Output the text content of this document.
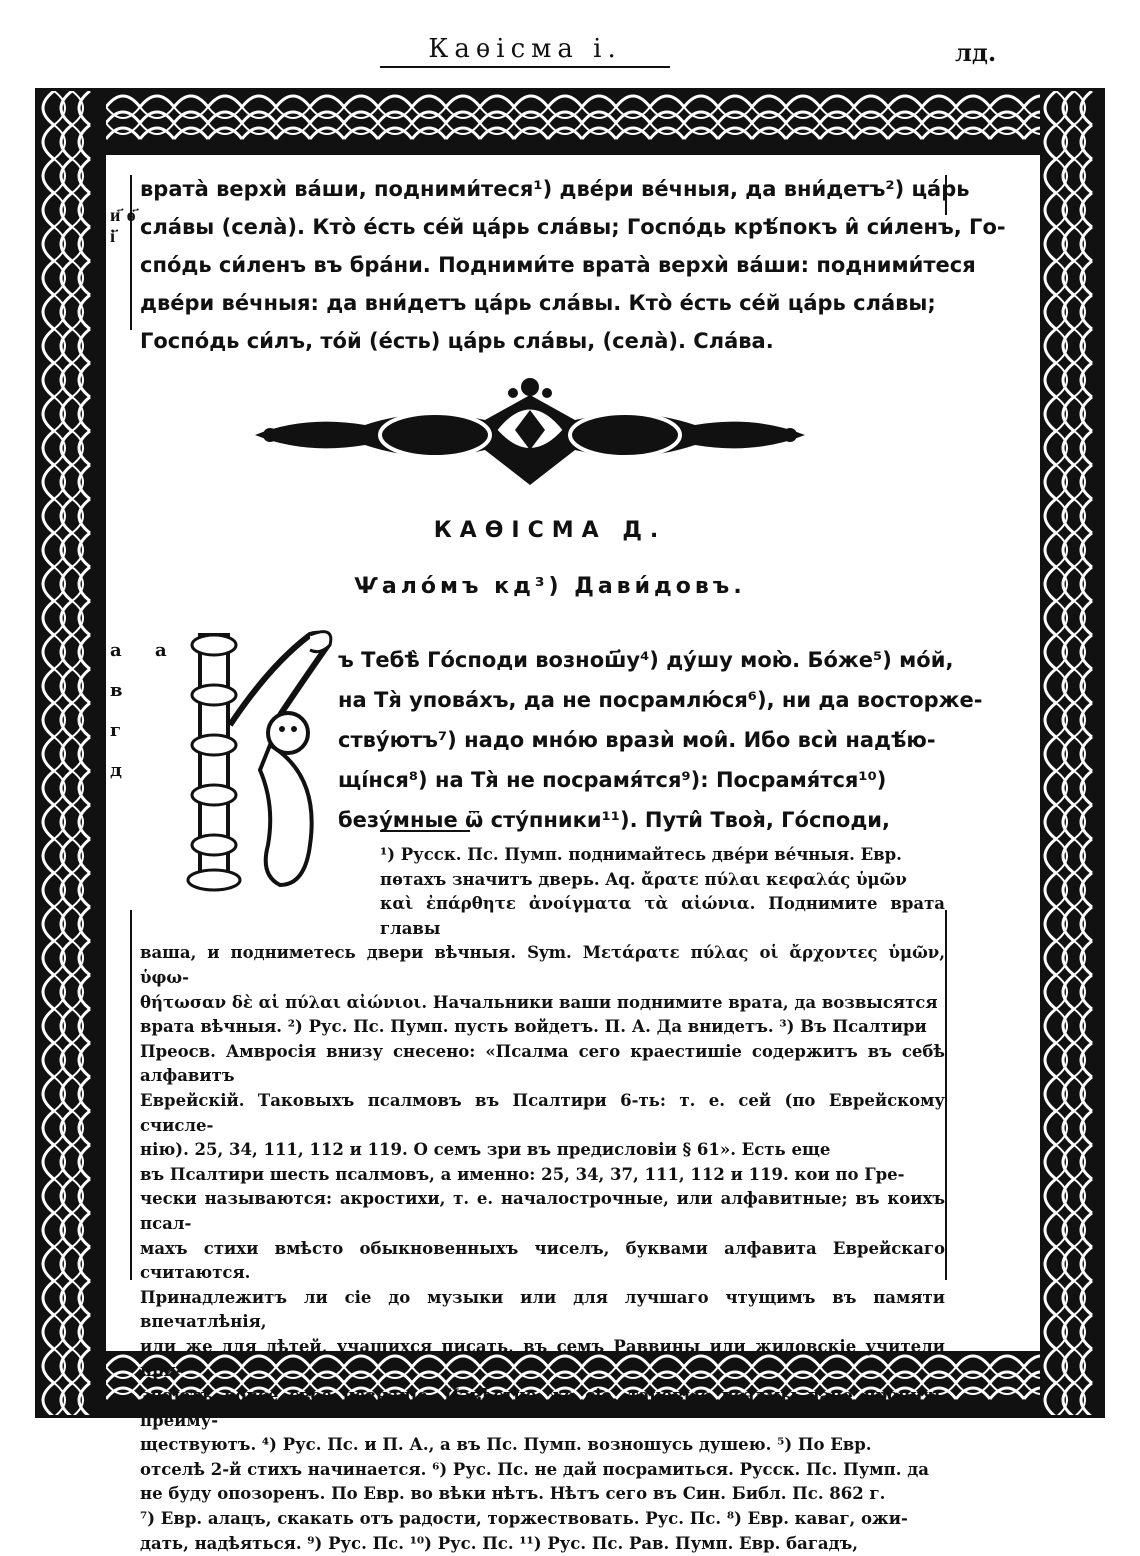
Каѳісма і.	лд.
и҃ ѳ҃ і҃
врата̀ верхѝ ва́ши, подними́теся¹) две́ри ве́чныя, да вни́детъ²) ца́рь
сла́вы (села̀). Кто̀ е́сть се́й ца́рь сла́вы; Госпо́дь крѣ́покъ и̂ си́ленъ, Го-
спо́дь си́ленъ въ бра́ни. Подними́те врата̀ верхѝ ва́ши: подними́теся
две́ри ве́чныя: да вни́детъ ца́рь сла́вы. Кто̀ е́сть се́й ца́рь сла́вы;
Госпо́дь си́лъ, то́й (е́сть) ца́рь сла́вы, (села̀). Сла́ва.
КАѲІСМА Д.
Ѱало́мъ кд³) Дави́довъ.
а
в
г
д
а	ъ Тебѣ̀ Го́споди вознош҃у⁴) ду́шу мою̀. Бо́же⁵) мо́й,
на Тя̀ упова́хъ, да не посрамлю́ся⁶), ни да восторже-
ству́ютъ⁷) надо мно́ю вразѝ мои̂. Ибо всѝ надѣ́ю-
щі́нся⁸) на Тя̀ не посрамя́тся⁹): Посрамя́тся¹⁰)
безу́мные ѿ сту́пники¹¹). Пути̂ Твоя̀, Го́споди,
¹) Русск. Пс. Пумп. поднимайтесь две́ри ве́чныя. Евр.
пѳтахъ значитъ дверь. Aq. ἄρατε πύλαι κεφαλάς ὑμῶν
καὶ ἐπάρθητε ἀνοίγματα τὰ αἰώνια. Поднимите врата главы
ваша, и подниметесь двери вѣчныя. Sym. Μετάρατε πύλας οἱ ἄρχοντες ὑμῶν, ὑφω-
θήτωσαν δὲ αἱ πύλαι αἰώνιοι. Начальники ваши поднимите врата, да возвысятся
врата вѣчныя. ²) Рус. Пс. Пумп. пусть войдетъ. П. А. Да внидетъ. ³) Въ Псалтири
Преосв. Амвросія внизу снесено: «Псалма сего краестишіе содержитъ въ себѣ алфавитъ
Еврейскій. Таковыхъ псалмовъ въ Псалтири 6-ть: т. е. сей (по Еврейскому счисле-
нію). 25, 34, 111, 112 и 119. О семъ зри въ предисловіи § 61». Есть еще
въ Псалтири шесть псалмовъ, а именно: 25, 34, 37, 111, 112 и 119. кои по Гре-
чески называются: акростихи, т. е. началострочные, или алфавитные; въ коихъ псал-
махъ стихи вмѣсто обыкновенныхъ чиселъ, буквами алфавита Еврейскаго считаются.
Принадлежитъ ли сіе до музыки или для лучшаго чтущимъ въ памяти впечатлѣнія,
или же для дѣтей, учащихся писать, въ семъ Раввины или жидовскіе учители при-
знаютъ вовсе свое незнаніе. Извѣстно же сіе, таковые псалмы паче прочихъ преиму-
ществуютъ. ⁴) Рус. Пс. и П. А., а въ Пс. Пумп. возношусь душею. ⁵) По Евр.
отселѣ 2-й стихъ начинается. ⁶) Рус. Пс. не дай посрамиться. Русск. Пс. Пумп. да
не буду опозоренъ. По Евр. во вѣки нѣтъ. Нѣтъ сего въ Син. Библ. Пс. 862 г.
⁷) Евр. алацъ, скакать отъ радости, торжествовать. Рус. Пс. ⁸) Евр. каваг, ожи-
дать, надѣяться. ⁹) Рус. Пс. ¹⁰) Рус. Пс. ¹¹) Рус. Пс. Рав. Пумп. Евр. багадъ,
